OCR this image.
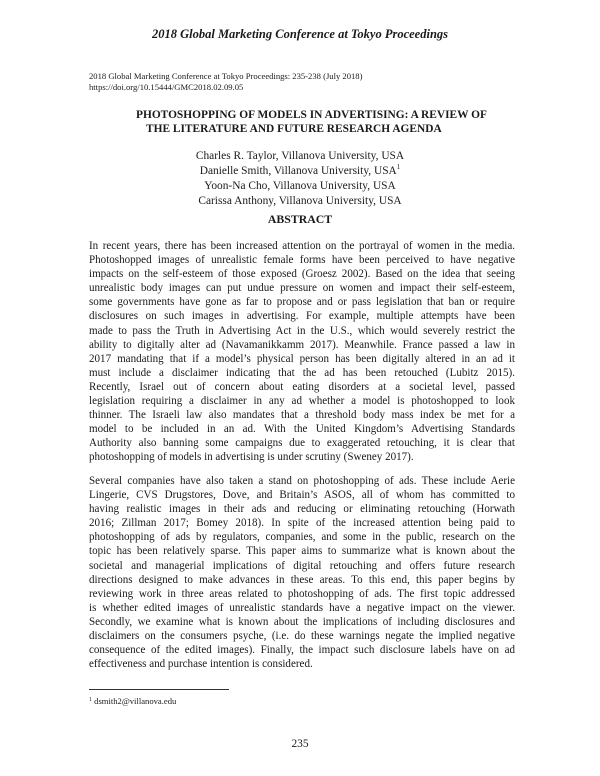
2018 Global Marketing Conference at Tokyo Proceedings
2018 Global Marketing Conference at Tokyo Proceedings: 235-238 (July 2018)
https://doi.org/10.15444/GMC2018.02.09.05
PHOTOSHOPPING OF MODELS IN ADVERTISING: A REVIEW OF
THE LITERATURE AND FUTURE RESEARCH AGENDA
Charles R. Taylor, Villanova University, USA
Danielle Smith, Villanova University, USA$^1$
Yoon-Na Cho, Villanova University, USA
Carissa Anthony, Villanova University, USA
ABSTRACT
In recent years, there has been increased attention on the portrayal of women in the media.
Photoshopped images of unrealistic female forms have been perceived to have negative
impacts on the self-esteem of those exposed (Groesz 2002). Based on the idea that seeing
unrealistic body images can put undue pressure on women and impact their self-esteem,
some governments have gone as far to propose and or pass legislation that ban or require
disclosures on such images in advertising. For example, multiple attempts have been
made to pass the Truth in Advertising Act in the U.S., which would severely restrict the
ability to digitally alter ad (Navamanikkamm 2017). Meanwhile. France passed a law in
2017 mandating that if a model’s physical person has been digitally altered in an ad it
must include a disclaimer indicating that the ad has been retouched (Lubitz 2015).
Recently, Israel out of concern about eating disorders at a societal level, passed
legislation requiring a disclaimer in any ad whether a model is photoshopped to look
thinner. The Israeli law also mandates that a threshold body mass index be met for a
model to be included in an ad. With the United Kingdom’s Advertising Standards
Authority also banning some campaigns due to exaggerated retouching, it is clear that
photoshopping of models in advertising is under scrutiny (Sweney 2017).
Several companies have also taken a stand on photoshopping of ads. These include Aerie
Lingerie, CVS Drugstores, Dove, and Britain’s ASOS, all of whom has committed to
having realistic images in their ads and reducing or eliminating retouching (Horwath
2016; Zillman 2017; Bomey 2018). In spite of the increased attention being paid to
photoshopping of ads by regulators, companies, and some in the public, research on the
topic has been relatively sparse. This paper aims to summarize what is known about the
societal and managerial implications of digital retouching and offers future research
directions designed to make advances in these areas. To this end, this paper begins by
reviewing work in three areas related to photoshopping of ads. The first topic addressed
is whether edited images of unrealistic standards have a negative impact on the viewer.
Secondly, we examine what is known about the implications of including disclosures and
disclaimers on the consumers psyche, (i.e. do these warnings negate the implied negative
consequence of the edited images). Finally, the impact such disclosure labels have on ad
effectiveness and purchase intention is considered.
$^1$ dsmith2@villanova.edu
235
